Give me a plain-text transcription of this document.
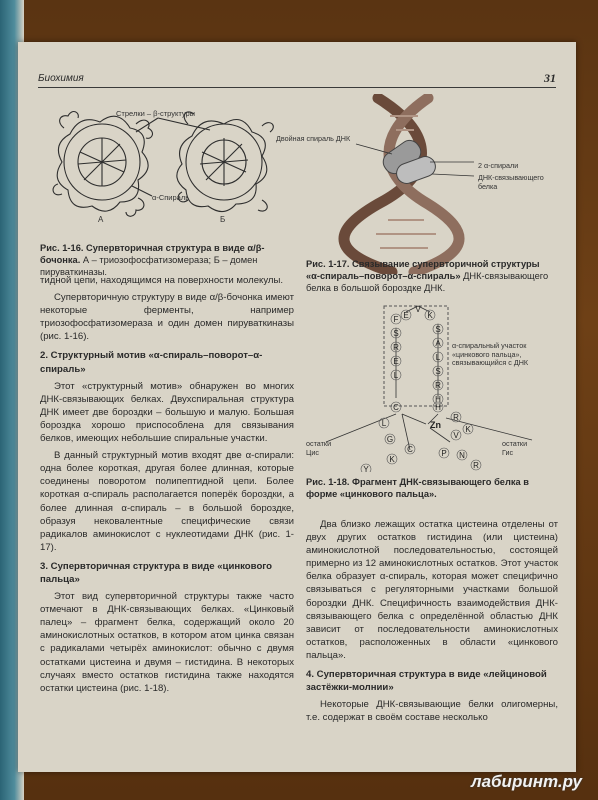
Биохимия	31
Стрелки – β-структуры
α-Спираль
А	Б
Рис. 1-16. Супервторичная структура в виде α/β-бочонка. А – триозофосфатизомераза; Б – домен пируваткиназы.
Двойная спираль ДНК
2 α-спирали
ДНК-связывающего белка
Рис. 1-17. Связывание супервторичной структуры «α-спираль–поворот–α-спираль» ДНК-связывающего белка в большой бороздке ДНК.
V
F
S
R
E
L
C
L
G
C
K
Y
E K
S
A
L
S
R
H
H
R
V
P
K
N
R
Zn
α-спиральный участок «цинкового пальца», связывающийся с ДНК
остатки Цис
остатки Гис
Рис. 1-18. Фрагмент ДНК-связывающего белка в форме «цинкового пальца».

тидной цепи, находящимся на поверхности молекулы.

Супервторичную структуру в виде α/β-бочонка имеют некоторые ферменты, например триозофосфатизомераза и один домен пируваткиназы (рис. 1-16).

2. Структурный мотив «α-спираль–поворот–α-спираль»

Этот «структурный мотив» обнаружен во многих ДНК-связывающих белках. Двухспиральная структура ДНК имеет две бороздки – большую и малую. Большая бороздка хорошо приспособлена для связывания белков, имеющих небольшие спиральные участки.

В данный структурный мотив входят две α-спирали: одна более короткая, другая более длинная, которые соединены поворотом полипептидной цепи. Более короткая α-спираль располагается поперёк бороздки, а более длинная α-спираль – в большой бороздке, образуя нековалентные специфические связи радикалов аминокислот с нуклеотидами ДНК (рис. 1-17).

3. Супервторичная структура в виде «цинкового пальца»

Этот вид супервторичной структуры также часто отмечают в ДНК-связывающих белках. «Цинковый палец» – фрагмент белка, содержащий около 20 аминокислотных остатков, в котором атом цинка связан с радикалами четырёх аминокислот: обычно с двумя остатками цистеина и двумя – гистидина. В некоторых случаях вместо остатков гистидина также находятся остатки цистеина (рис. 1-18).

Два близко лежащих остатка цистеина отделены от двух других остатков гистидина (или цистеина) аминокислотной последовательностью, состоящей примерно из 12 аминокислотных остатков. Этот участок белка образует α-спираль, которая может специфично связываться с регуляторными участками большой бороздки ДНК. Специфичность взаимодействия ДНК-связывающего белка с определённой областью ДНК зависит от последовательности аминокислотных остатков, расположенных в области «цинкового пальца».

4. Супервторичная структура в виде «лейциновой застёжки-молнии»

Некоторые ДНК-связывающие белки олигомерны, т.е. содержат в своём составе несколько

лабиринт.ру
